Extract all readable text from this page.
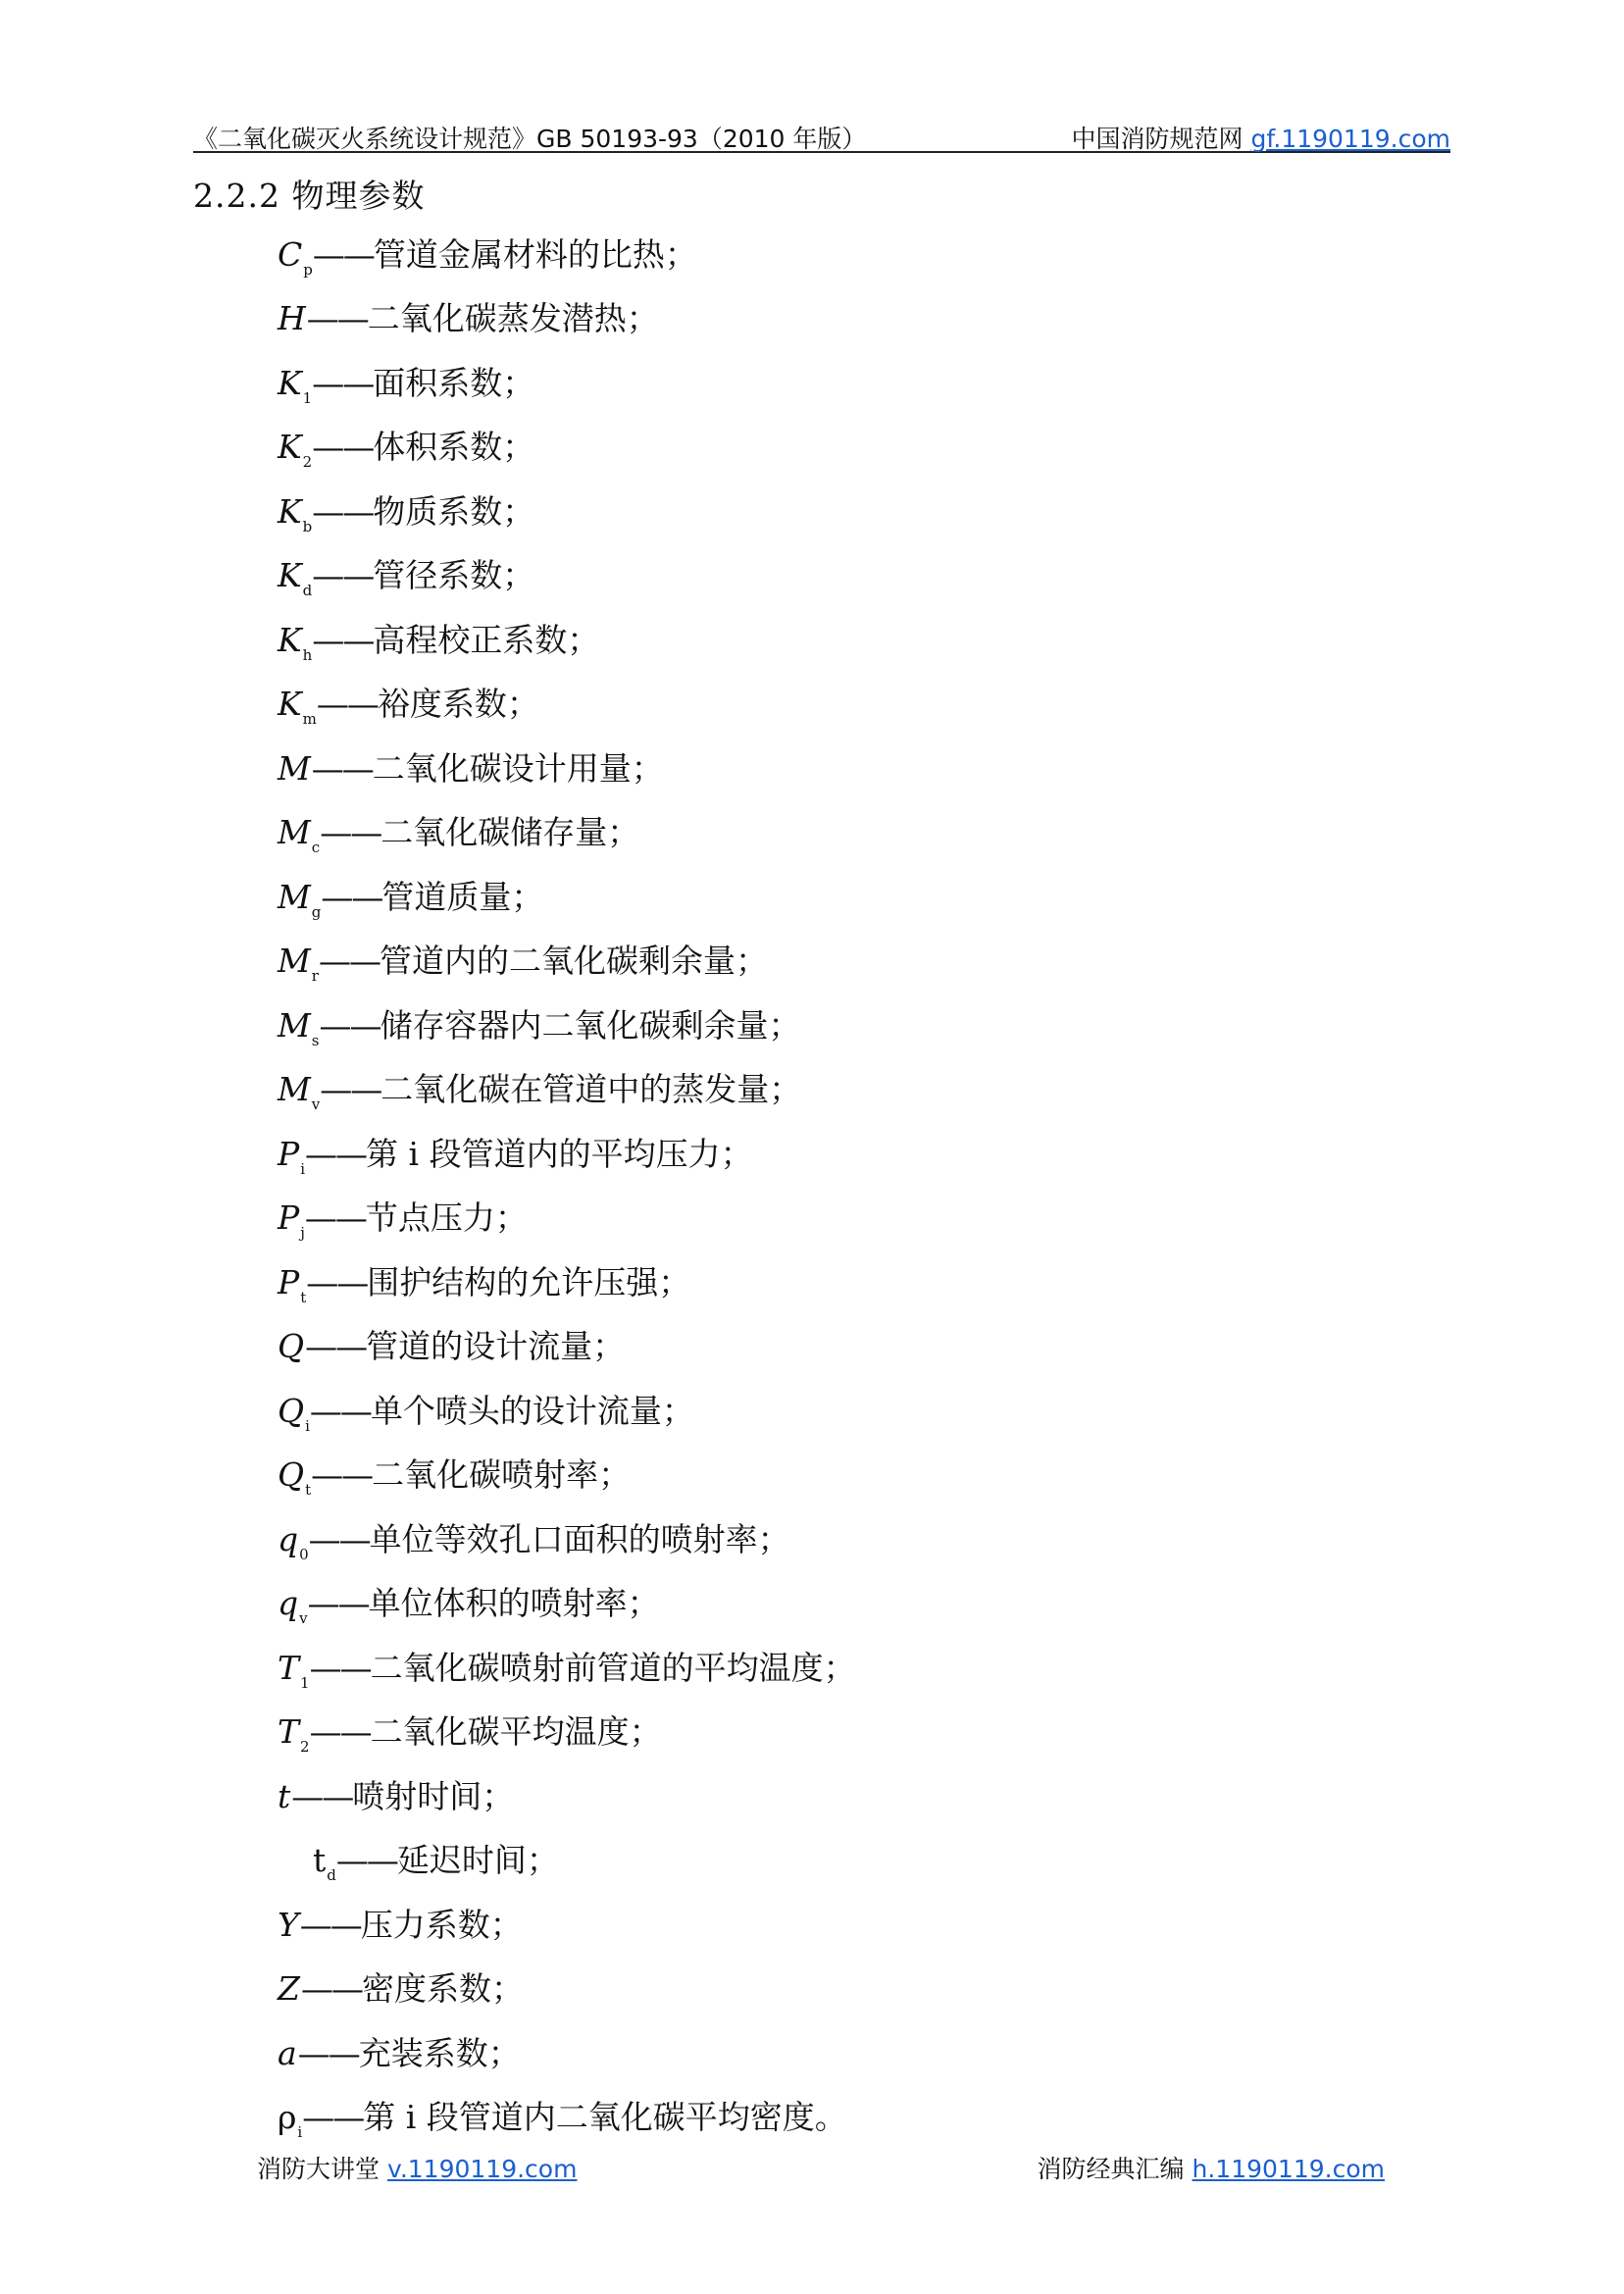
《二氧化碳灭火系统设计规范》GB 50193-93（2010 年版）	中国消防规范网 gf.1190119.com
2.2.2 物理参数
$C_p——$管道金属材料的比热；
H——二氧化碳蒸发潜热；
$K_1——$面积系数；
$K_2——$体积系数；
$K_b——$物质系数；
$K_d——$管径系数；
$K_h——$高程校正系数；
$K_m——$裕度系数；
M——二氧化碳设计用量；
$M_c——$二氧化碳储存量；
$M_g——$管道质量；
$M_r——$管道内的二氧化碳剩余量；
$M_s——$储存容器内二氧化碳剩余量；
$M_v——$二氧化碳在管道中的蒸发量；
$P_i——$第 i 段管道内的平均压力；
$P_j——$节点压力；
$P_t——$围护结构的允许压强；
Q——管道的设计流量；
$Q_i——$单个喷头的设计流量；
$Q_t——$二氧化碳喷射率；
$q_0——$单位等效孔口面积的喷射率；
$q_v——$单位体积的喷射率；
$T_1——$二氧化碳喷射前管道的平均温度；
$T_2——$二氧化碳平均温度；
t——喷射时间；
$t_d——$延迟时间；
Y——压力系数；
Z——密度系数；
a——充装系数；
$\rho_i——$第 i 段管道内二氧化碳平均密度。
消防大讲堂 v.1190119.com	消防经典汇编 h.1190119.com
